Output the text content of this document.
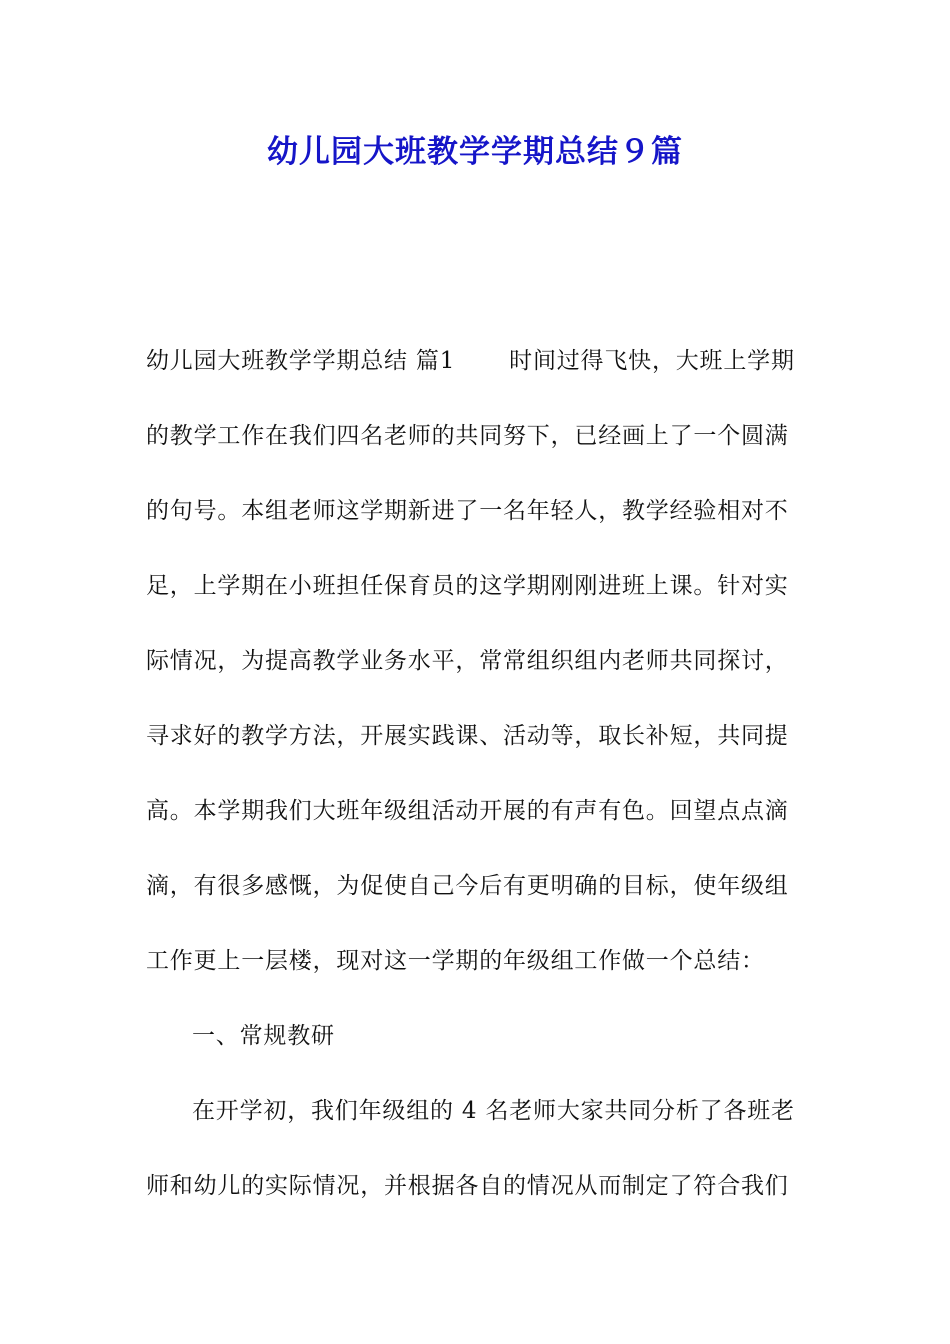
幼儿园大班教学学期总结９篇

幼儿园大班教学学期总结 篇1 时间过得飞快，大班上学期

的教学工作在我们四名老师的共同努下，已经画上了一个圆满

的句号。本组老师这学期新进了一名年轻人，教学经验相对不

足，上学期在小班担任保育员的这学期刚刚进班上课。针对实

际情况，为提高教学业务水平，常常组织组内老师共同探讨，

寻求好的教学方法，开展实践课、活动等，取长补短，共同提

高。本学期我们大班年级组活动开展的有声有色。回望点点滴

滴，有很多感慨，为促使自己今后有更明确的目标，使年级组

工作更上一层楼，现对这一学期的年级组工作做一个总结：

一、常规教研

在开学初，我们年级组的 4 名老师大家共同分析了各班老

师和幼儿的实际情况，并根据各自的情况从而制定了符合我们
